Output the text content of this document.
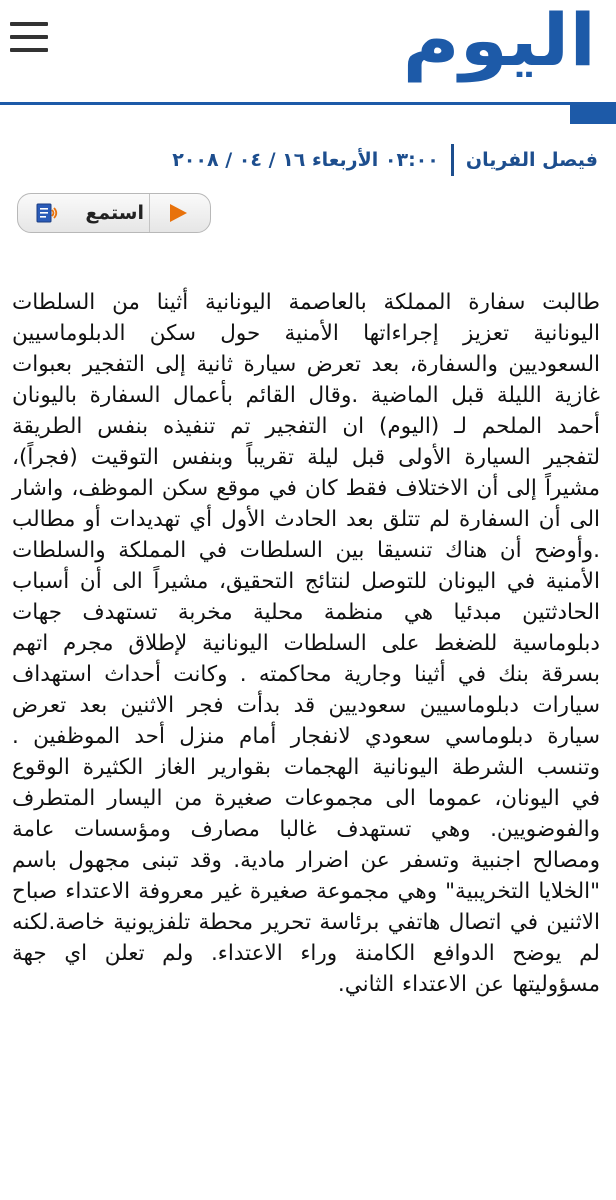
اليوم
فيصل الفريان
٠٣:٠٠ الأربعاء ١٦ / ٠٤ / ٢٠٠٨
استمع

طالبت سفارة المملكة بالعاصمة اليونانية أثينا من السلطات اليونانية تعزيز إجراءاتها الأمنية حول سكن الدبلوماسيين السعوديين والسفارة، بعد تعرض سيارة ثانية إلى التفجير بعبوات غازية الليلة قبل الماضية .وقال القائم بأعمال السفارة باليونان أحمد الملحم لـ (اليوم) ان التفجير تم تنفيذه بنفس الطريقة لتفجير السيارة الأولى قبل ليلة تقريباً وبنفس التوقيت (فجراً)، مشيراً إلى أن الاختلاف فقط كان في موقع سكن الموظف، واشار الى أن السفارة لم تتلق بعد الحادث الأول أي تهديدات أو مطالب .وأوضح أن هناك تنسيقا بين السلطات في المملكة والسلطات الأمنية في اليونان للتوصل لنتائج التحقيق، مشيراً الى أن أسباب الحادثتين مبدئيا هي منظمة محلية مخربة تستهدف جهات دبلوماسية للضغط على السلطات اليونانية لإطلاق مجرم اتهم بسرقة بنك في أثينا وجارية محاكمته . وكانت أحداث استهداف سيارات دبلوماسيين سعوديين قد بدأت فجر الاثنين بعد تعرض سيارة دبلوماسي سعودي لانفجار أمام منزل أحد الموظفين . وتنسب الشرطة اليونانية الهجمات بقوارير الغاز الكثيرة الوقوع في اليونان، عموما الى مجموعات صغيرة من اليسار المتطرف والفوضويين. وهي تستهدف غالبا مصارف ومؤسسات عامة ومصالح اجنبية وتسفر عن اضرار مادية. وقد تبنى مجهول باسم "الخلايا التخريبية" وهي مجموعة صغيرة غير معروفة الاعتداء صباح الاثنين في اتصال هاتفي برئاسة تحرير محطة تلفزيونية خاصة.لكنه لم يوضح الدوافع الكامنة وراء الاعتداء. ولم تعلن اي جهة مسؤوليتها عن الاعتداء الثاني.
